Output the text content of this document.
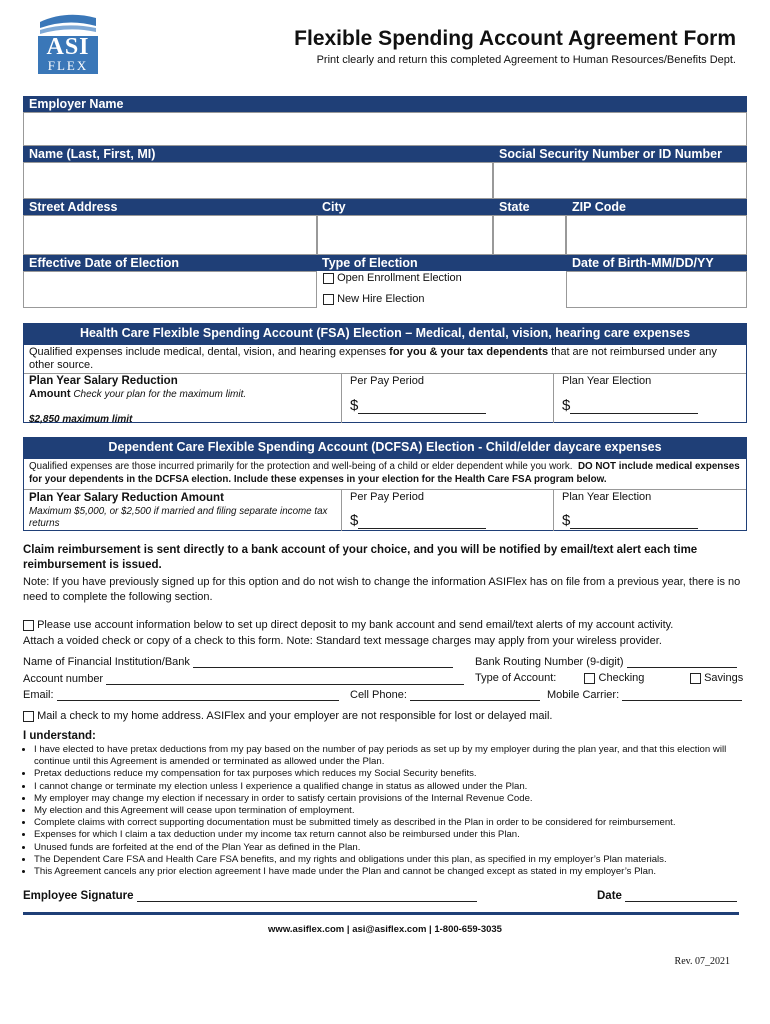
ASI
FLEX
Flexible Spending Account Agreement Form
Print clearly and return this completed Agreement to Human Resources/Benefits Dept.
Employer Name
Name (Last, First, MI)	Social Security Number or ID Number
Street Address	City	State	ZIP Code
Effective Date of Election	Type of Election	Date of Birth-MM/DD/YY
Open Enrollment Election
New Hire Election
Health Care Flexible Spending Account (FSA) Election – Medical, dental, vision, hearing care expenses
Qualified expenses include medical, dental, vision, and hearing expenses for you & your tax dependents that are not reimbursed under any other source.
Plan Year Salary Reduction
Amount Check your plan for the maximum limit.
$2,850 maximum limit
Per Pay Period
$
Plan Year Election
$
Dependent Care Flexible Spending Account (DCFSA) Election - Child/elder daycare expenses
Qualified expenses are those incurred primarily for the protection and well-being of a child or elder dependent while you work. DO NOT include medical expenses for your dependents in the DCFSA election. Include these expenses in your election for the Health Care FSA program below.
Plan Year Salary Reduction Amount
Maximum $5,000, or $2,500 if married and filing separate income tax returns
Per Pay Period
$
Plan Year Election
$
Claim reimbursement is sent directly to a bank account of your choice, and you will be notified by email/text alert each time reimbursement is issued.
Note: If you have previously signed up for this option and do not wish to change the information ASIFlex has on file from a previous year, there is no need to complete the following section.
Please use account information below to set up direct deposit to my bank account and send email/text alerts of my account activity.
Attach a voided check or copy of a check to this form. Note: Standard text message charges may apply from your wireless provider.
Name of Financial Institution/Bank	Bank Routing Number (9-digit)
Account number	Type of Account:	Checking	Savings
Email:	Cell Phone:	Mobile Carrier:
Mail a check to my home address. ASIFlex and your employer are not responsible for lost or delayed mail.
I understand:
• I have elected to have pretax deductions from my pay based on the number of pay periods as set up by my employer during the plan year, and that this election will continue until this Agreement is amended or terminated as allowed under the Plan.
• Pretax deductions reduce my compensation for tax purposes which reduces my Social Security benefits.
• I cannot change or terminate my election unless I experience a qualified change in status as allowed under the Plan.
• My employer may change my election if necessary in order to satisfy certain provisions of the Internal Revenue Code.
• My election and this Agreement will cease upon termination of employment.
• Complete claims with correct supporting documentation must be submitted timely as described in the Plan in order to be considered for reimbursement.
• Expenses for which I claim a tax deduction under my income tax return cannot also be reimbursed under this Plan.
• Unused funds are forfeited at the end of the Plan Year as defined in the Plan.
• The Dependent Care FSA and Health Care FSA benefits, and my rights and obligations under this plan, as specified in my employer’s Plan materials.
• This Agreement cancels any prior election agreement I have made under the Plan and cannot be changed except as stated in my employer’s Plan.
Employee Signature	Date
www.asiflex.com | asi@asiflex.com | 1-800-659-3035
Rev. 07_2021
